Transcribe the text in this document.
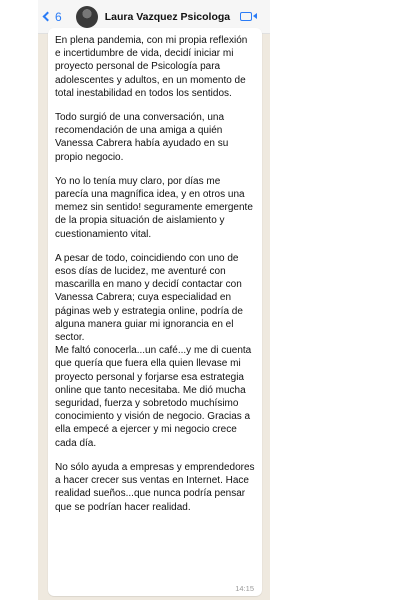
6	Laura Vazquez Psicologa

En plena pandemia, con mi propia reflexión e incertidumbre de vida, decidí iniciar mi proyecto personal de Psicología para adolescentes y adultos, en un momento de total inestabilidad en todos los sentidos.

Todo surgió de una conversación, una recomendación de una amiga a quién Vanessa Cabrera había ayudado en su propio negocio.

Yo no lo tenía muy claro, por días me parecía una magnífica idea, y en otros una memez sin sentido! seguramente emergente de la propia situación de aislamiento y cuestionamiento vital.

A pesar de todo, coincidiendo con uno de esos días de lucidez, me aventuré con mascarilla en mano y decidí contactar con Vanessa Cabrera; cuya especialidad en páginas web y estrategia online, podría de alguna manera guiar mi ignorancia en el sector.

Me faltó conocerla...un café...y me di cuenta que quería que fuera ella quien llevase mi proyecto personal y forjarse esa estrategia online que tanto necesitaba. Me dió mucha seguridad, fuerza y sobretodo muchísimo conocimiento y visión de negocio. Gracias a ella empecé a ejercer y mi negocio crece cada día.

No sólo ayuda a empresas y emprendedores a hacer crecer sus ventas en Internet. Hace realidad sueños...que nunca podría pensar que se podrían hacer realidad.

14:15
